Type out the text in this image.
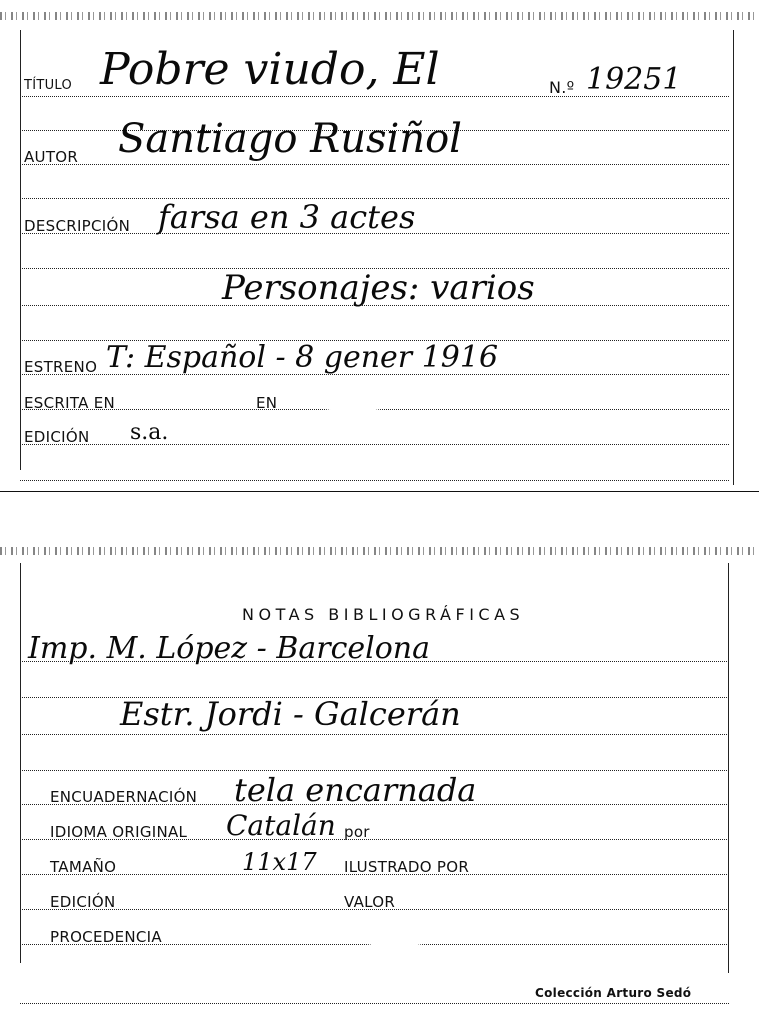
TÍTULO Pobre viudo, El	N.º 19251
AUTOR Santiago Rusiñol
DESCRIPCIÓN farsa en 3 actes
Personajes: varios
ESTRENO T: Español - 8 gener 1916
ESCRITA EN	EN
EDICIÓN s.a.
NOTAS BIBLIOGRÁFICAS
Imp. M. López - Barcelona
Estr. Jordi - Galcerán
ENCUADERNACIÓN tela encarnada
IDIOMA ORIGINAL Catalán por
TAMAÑO	11x17 ILUSTRADO POR
EDICIÓN	VALOR
PROCEDENCIA
Colección Arturo Sedó
